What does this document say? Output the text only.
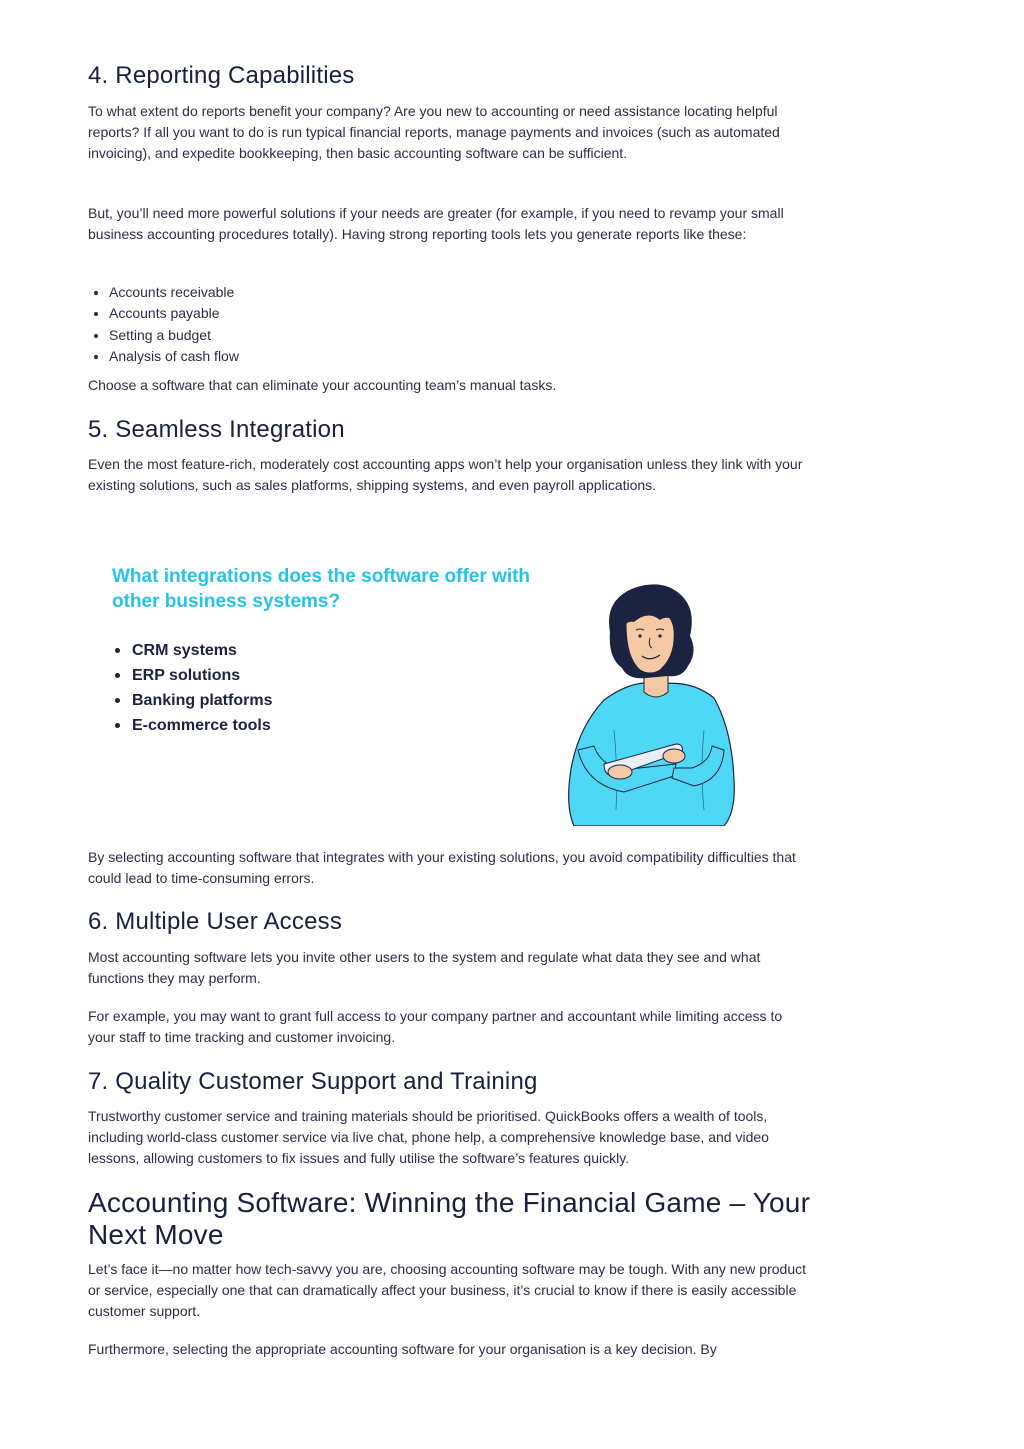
4. Reporting Capabilities

To what extent do reports benefit your company? Are you new to accounting or need assistance locating helpful reports? If all you want to do is run typical financial reports, manage payments and invoices (such as automated invoicing), and expedite bookkeeping, then basic accounting software can be sufficient.

But, you’ll need more powerful solutions if your needs are greater (for example, if you need to revamp your small business accounting procedures totally). Having strong reporting tools lets you generate reports like these:

• Accounts receivable
• Accounts payable
• Setting a budget
• Analysis of cash flow

Choose a software that can eliminate your accounting team’s manual tasks.

5. Seamless Integration

Even the most feature-rich, moderately cost accounting apps won’t help your organisation unless they link with your existing solutions, such as sales platforms, shipping systems, and even payroll applications.

What integrations does the software offer with other business systems?
CRM systems
ERP solutions
Banking platforms
E-commerce tools

By selecting accounting software that integrates with your existing solutions, you avoid compatibility difficulties that could lead to time-consuming errors.

6. Multiple User Access

Most accounting software lets you invite other users to the system and regulate what data they see and what functions they may perform.

For example, you may want to grant full access to your company partner and accountant while limiting access to your staff to time tracking and customer invoicing.

7. Quality Customer Support and Training

Trustworthy customer service and training materials should be prioritised. QuickBooks offers a wealth of tools, including world-class customer service via live chat, phone help, a comprehensive knowledge base, and video lessons, allowing customers to fix issues and fully utilise the software’s features quickly.

Accounting Software: Winning the Financial Game – Your Next Move

Let’s face it—no matter how tech-savvy you are, choosing accounting software may be tough. With any new product or service, especially one that can dramatically affect your business, it’s crucial to know if there is easily accessible customer support.

Furthermore, selecting the appropriate accounting software for your organisation is a key decision. By
